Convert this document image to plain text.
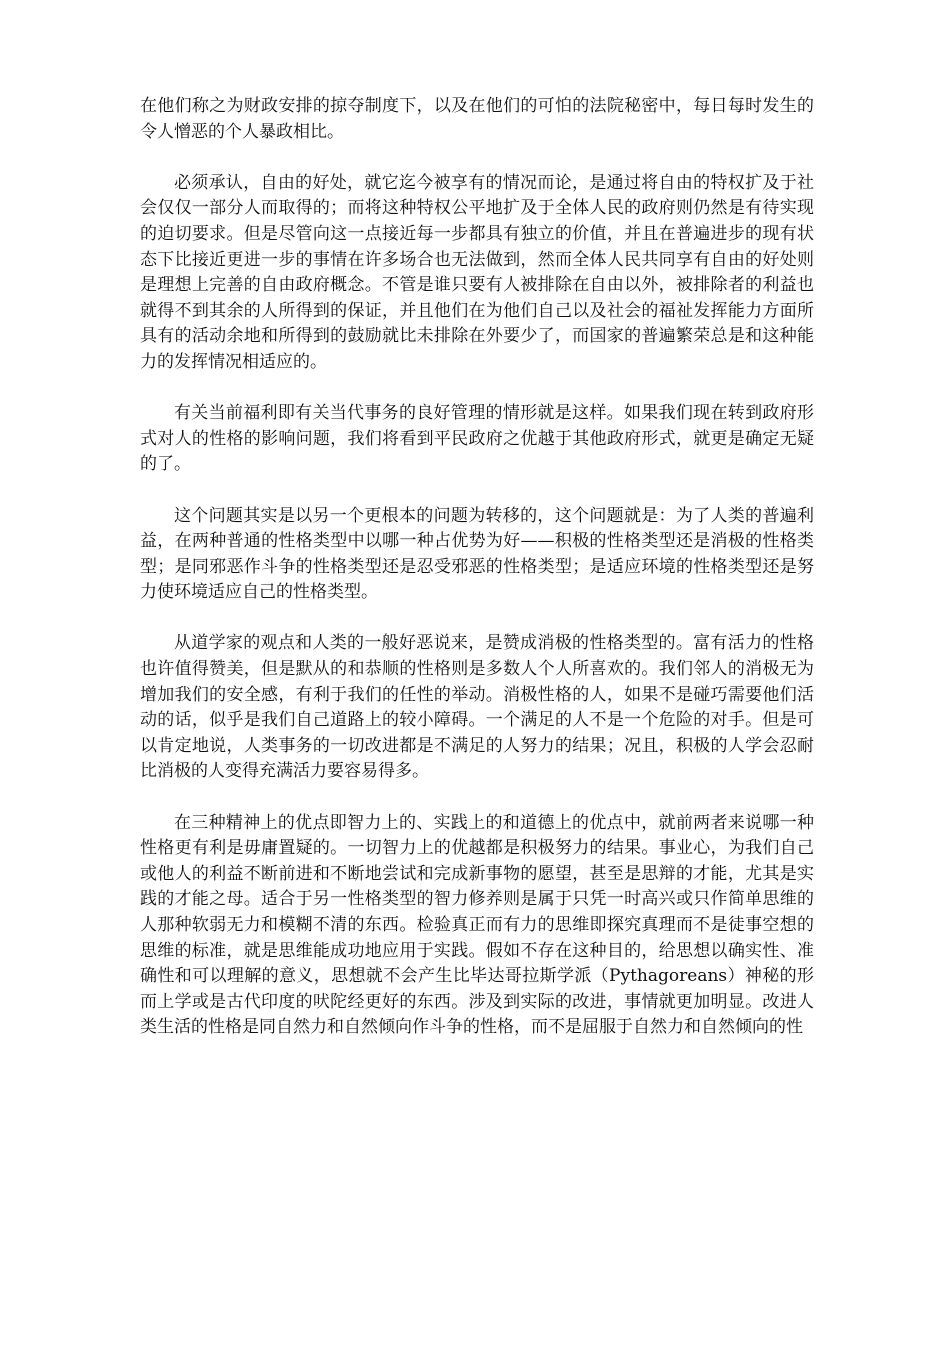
在他们称之为财政安排的掠夺制度下，以及在他们的可怕的法院秘密中，每日每时发生的令人憎恶的个人暴政相比。

必须承认，自由的好处，就它迄今被享有的情况而论，是通过将自由的特权扩及于社会仅仅一部分人而取得的；而将这种特权公平地扩及于全体人民的政府则仍然是有待实现的迫切要求。但是尽管向这一点接近每一步都具有独立的价值，并且在普遍进步的现有状态下比接近更进一步的事情在许多场合也无法做到，然而全体人民共同享有自由的好处则是理想上完善的自由政府概念。不管是谁只要有人被排除在自由以外，被排除者的利益也就得不到其余的人所得到的保证，并且他们在为他们自己以及社会的福祉发挥能力方面所具有的活动余地和所得到的鼓励就比未排除在外要少了，而国家的普遍繁荣总是和这种能力的发挥情况相适应的。

有关当前福利即有关当代事务的良好管理的情形就是这样。如果我们现在转到政府形式对人的性格的影响问题，我们将看到平民政府之优越于其他政府形式，就更是确定无疑的了。

这个问题其实是以另一个更根本的问题为转移的，这个问题就是：为了人类的普遍利益，在两种普通的性格类型中以哪一种占优势为好——积极的性格类型还是消极的性格类型；是同邪恶作斗争的性格类型还是忍受邪恶的性格类型；是适应环境的性格类型还是努力使环境适应自己的性格类型。

从道学家的观点和人类的一般好恶说来，是赞成消极的性格类型的。富有活力的性格也许值得赞美，但是默从的和恭顺的性格则是多数人个人所喜欢的。我们邻人的消极无为增加我们的安全感，有利于我们的任性的举动。消极性格的人，如果不是碰巧需要他们活动的话，似乎是我们自己道路上的较小障碍。一个满足的人不是一个危险的对手。但是可以肯定地说，人类事务的一切改进都是不满足的人努力的结果；况且，积极的人学会忍耐比消极的人变得充满活力要容易得多。

在三种精神上的优点即智力上的、实践上的和道德上的优点中，就前两者来说哪一种性格更有利是毋庸置疑的。一切智力上的优越都是积极努力的结果。事业心，为我们自己或他人的利益不断前进和不断地尝试和完成新事物的愿望，甚至是思辩的才能，尤其是实践的才能之母。适合于另一性格类型的智力修养则是属于只凭一时高兴或只作简单思维的人那种软弱无力和模糊不清的东西。检验真正而有力的思维即探究真理而不是徒事空想的思维的标准，就是思维能成功地应用于实践。假如不存在这种目的，给思想以确实性、准确性和可以理解的意义，思想就不会产生比毕达哥拉斯学派（Pythagoreans）神秘的形而上学或是古代印度的吠陀经更好的东西。涉及到实际的改进，事情就更加明显。改进人类生活的性格是同自然力和自然倾向作斗争的性格，而不是屈服于自然力和自然倾向的性
